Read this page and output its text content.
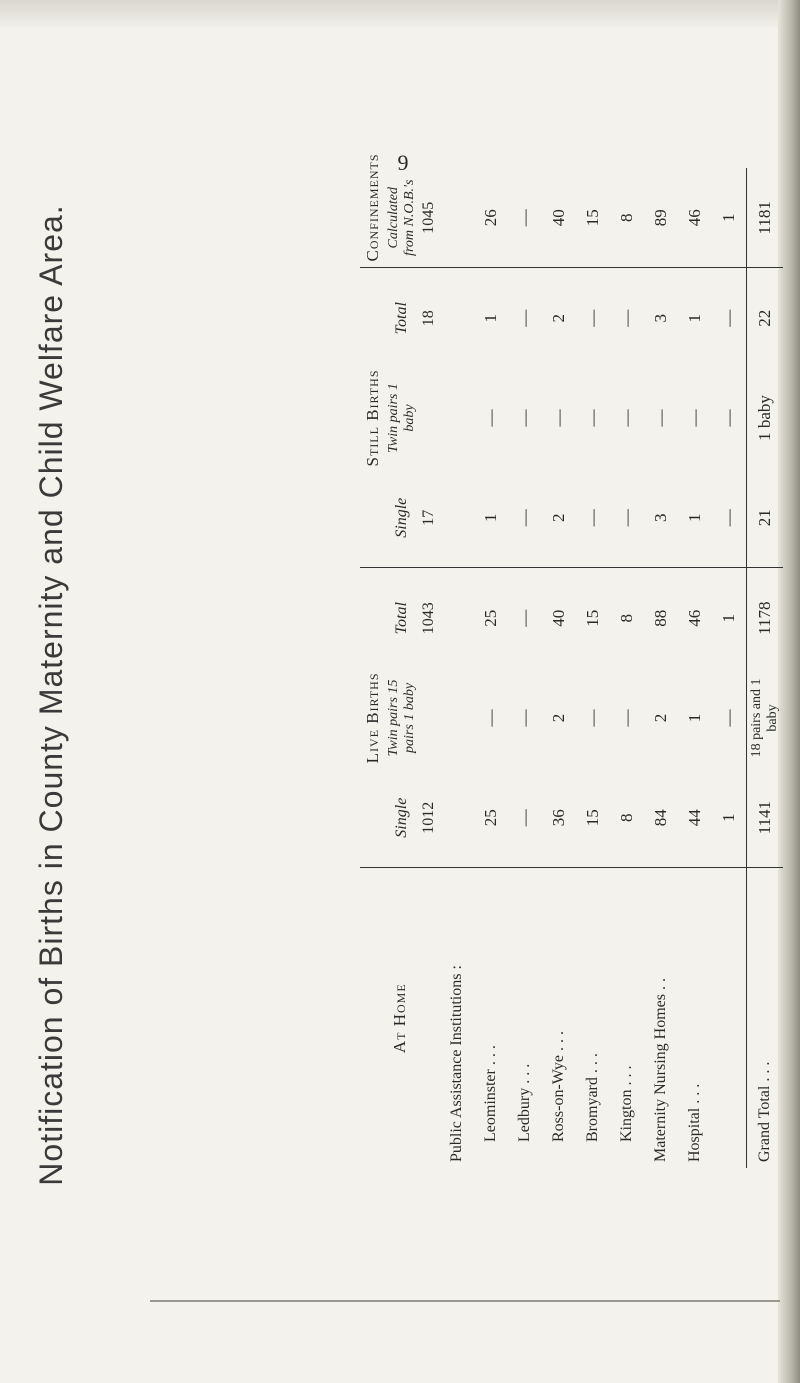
9
Notification of Births in County Maternity and Child Welfare Area.	At Home	Live Births			Still Births			Confinements
	Single	Twin pairs 15 pairs 1 baby	Total	Single	Twin pairs 1 baby	Total	Calculated from N.O.B.'s
	1012		1043	17		18	1045
Public Assistance Institutions :							
Leominster . . .	25	—	25	1	—	1	26
Ledbury . . .	—	—	—	—	—	—	—
Ross-on-Wye . . .	36	2	40	2	—	2	40
Bromyard . . .	15	—	15	—	—	—	15
Kington . . .	8	—	8	—	—	—	8
Maternity Nursing Homes . .	84	2	88	3	—	3	89
Hospital . . .	44	1	46	1	—	1	46
	1	—	1	—	—	—	1
Grand Total . . .	1141	18 pairs and 1 baby	1178	21	1 baby	22	1181
